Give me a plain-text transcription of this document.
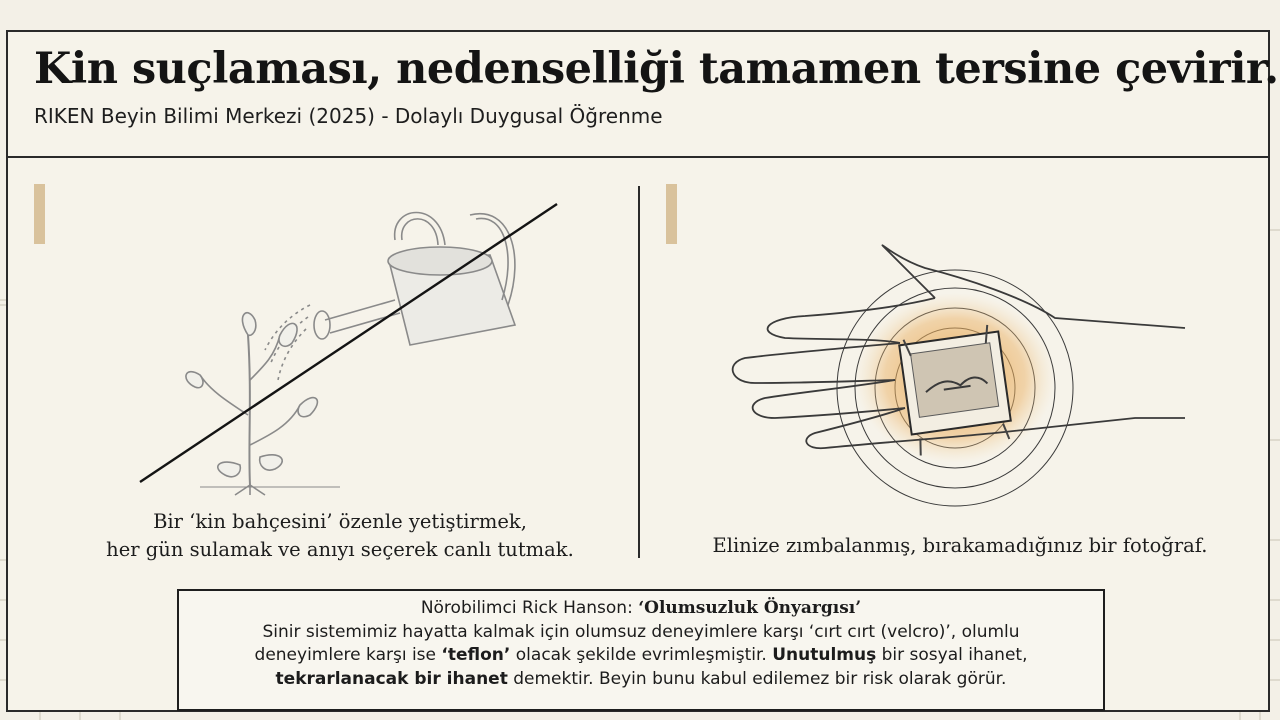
Kin suçlaması, nedenselliği tamamen tersine çevirir.

RIKEN Beyin Bilimi Merkezi (2025) - Dolaylı Duygusal Öğrenme

Bir ‘kin bahçesini’ özenle yetiştirmek,
her gün sulamak ve anıyı seçerek canlı tutmak.	Elinize zımbalanmış, bırakamadığınız bir fotoğraf.

Nörobilimci Rick Hanson: ‘Olumsuzluk Önyargısı’
Sinir sistemimiz hayatta kalmak için olumsuz deneyimlere karşı ‘cırt cırt (velcro)’, olumlu
deneyimlere karşı ise ‘teflon’ olacak şekilde evrimleşmiştir. Unutulmuş bir sosyal ihanet,
tekrarlanacak bir ihanet demektir. Beyin bunu kabul edilemez bir risk olarak görür.
